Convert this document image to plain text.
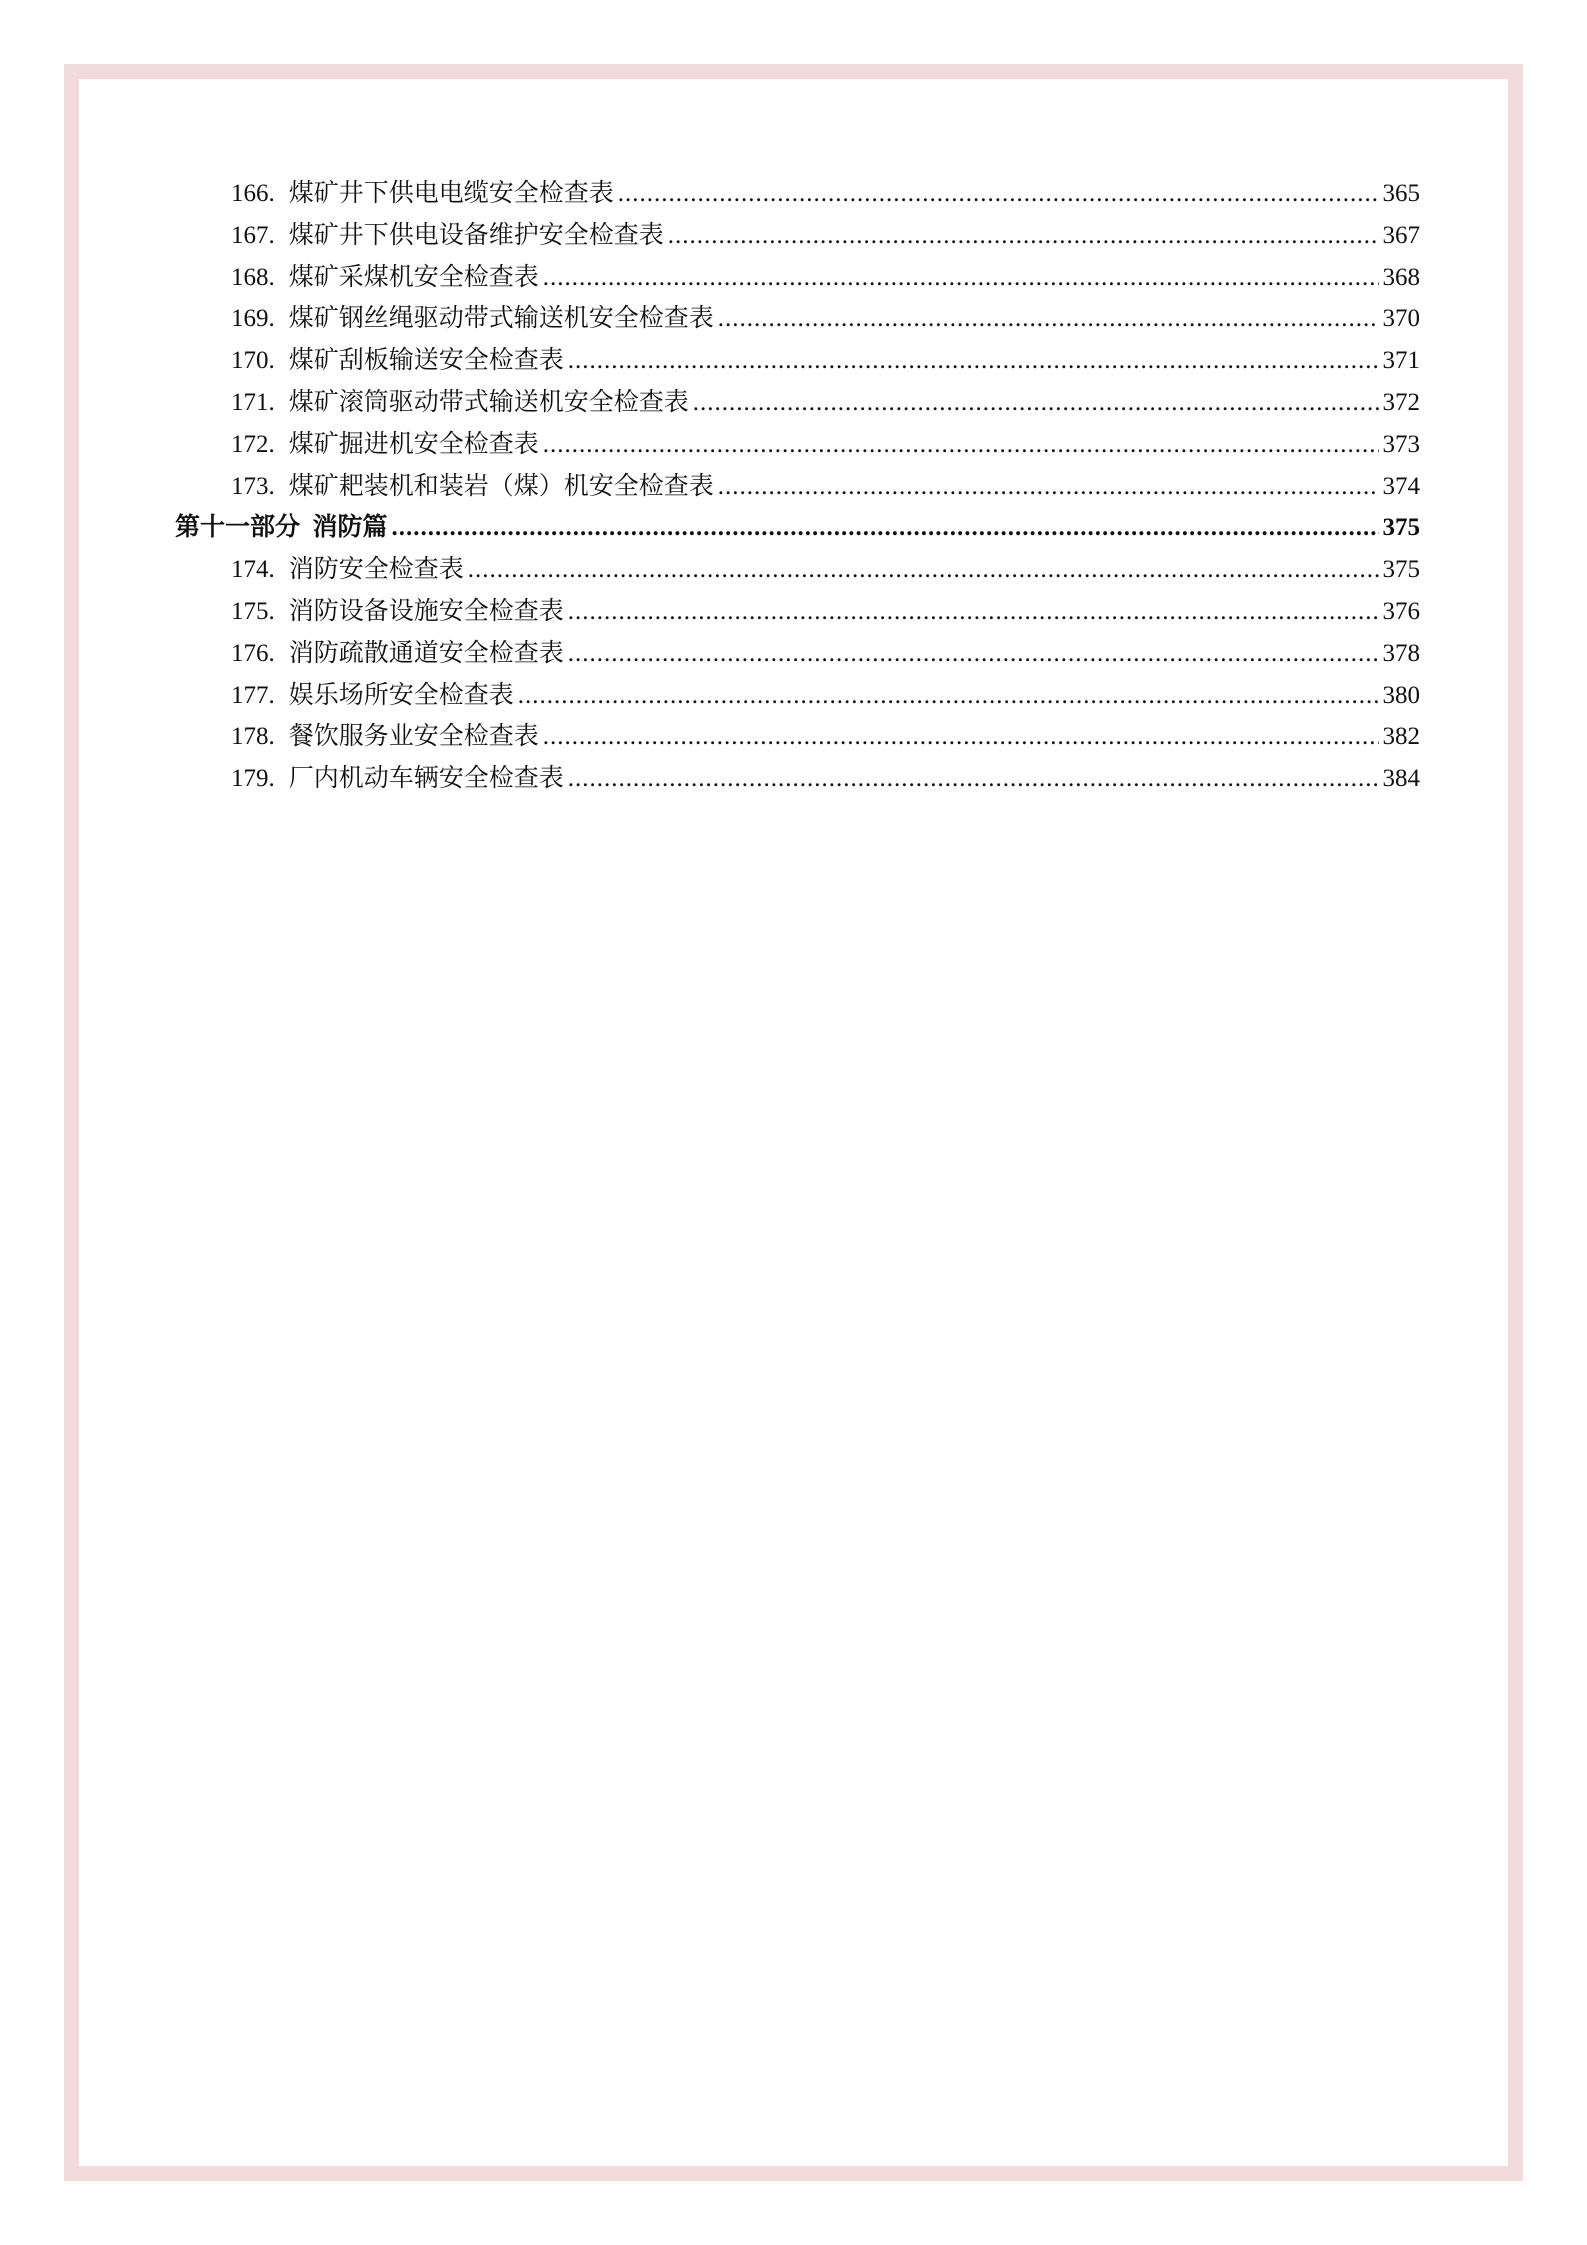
166. 煤矿井下供电电缆安全检查表 .....	365
167. 煤矿井下供电设备维护安全检查表 .....	367
168. 煤矿采煤机安全检查表 .....	368
169. 煤矿钢丝绳驱动带式输送机安全检查表 .....	370
170. 煤矿刮板输送安全检查表 .....	371
171. 煤矿滚筒驱动带式输送机安全检查表 .....	372
172. 煤矿掘进机安全检查表 .....	373
173. 煤矿耙装机和装岩（煤）机安全检查表 .....	374
第十一部分  消防篇 .....	375
174. 消防安全检查表 .....	375
175. 消防设备设施安全检查表 .....	376
176. 消防疏散通道安全检查表 .....	378
177. 娱乐场所安全检查表 .....	380
178. 餐饮服务业安全检查表 .....	382
179. 厂内机动车辆安全检查表 .....	384
